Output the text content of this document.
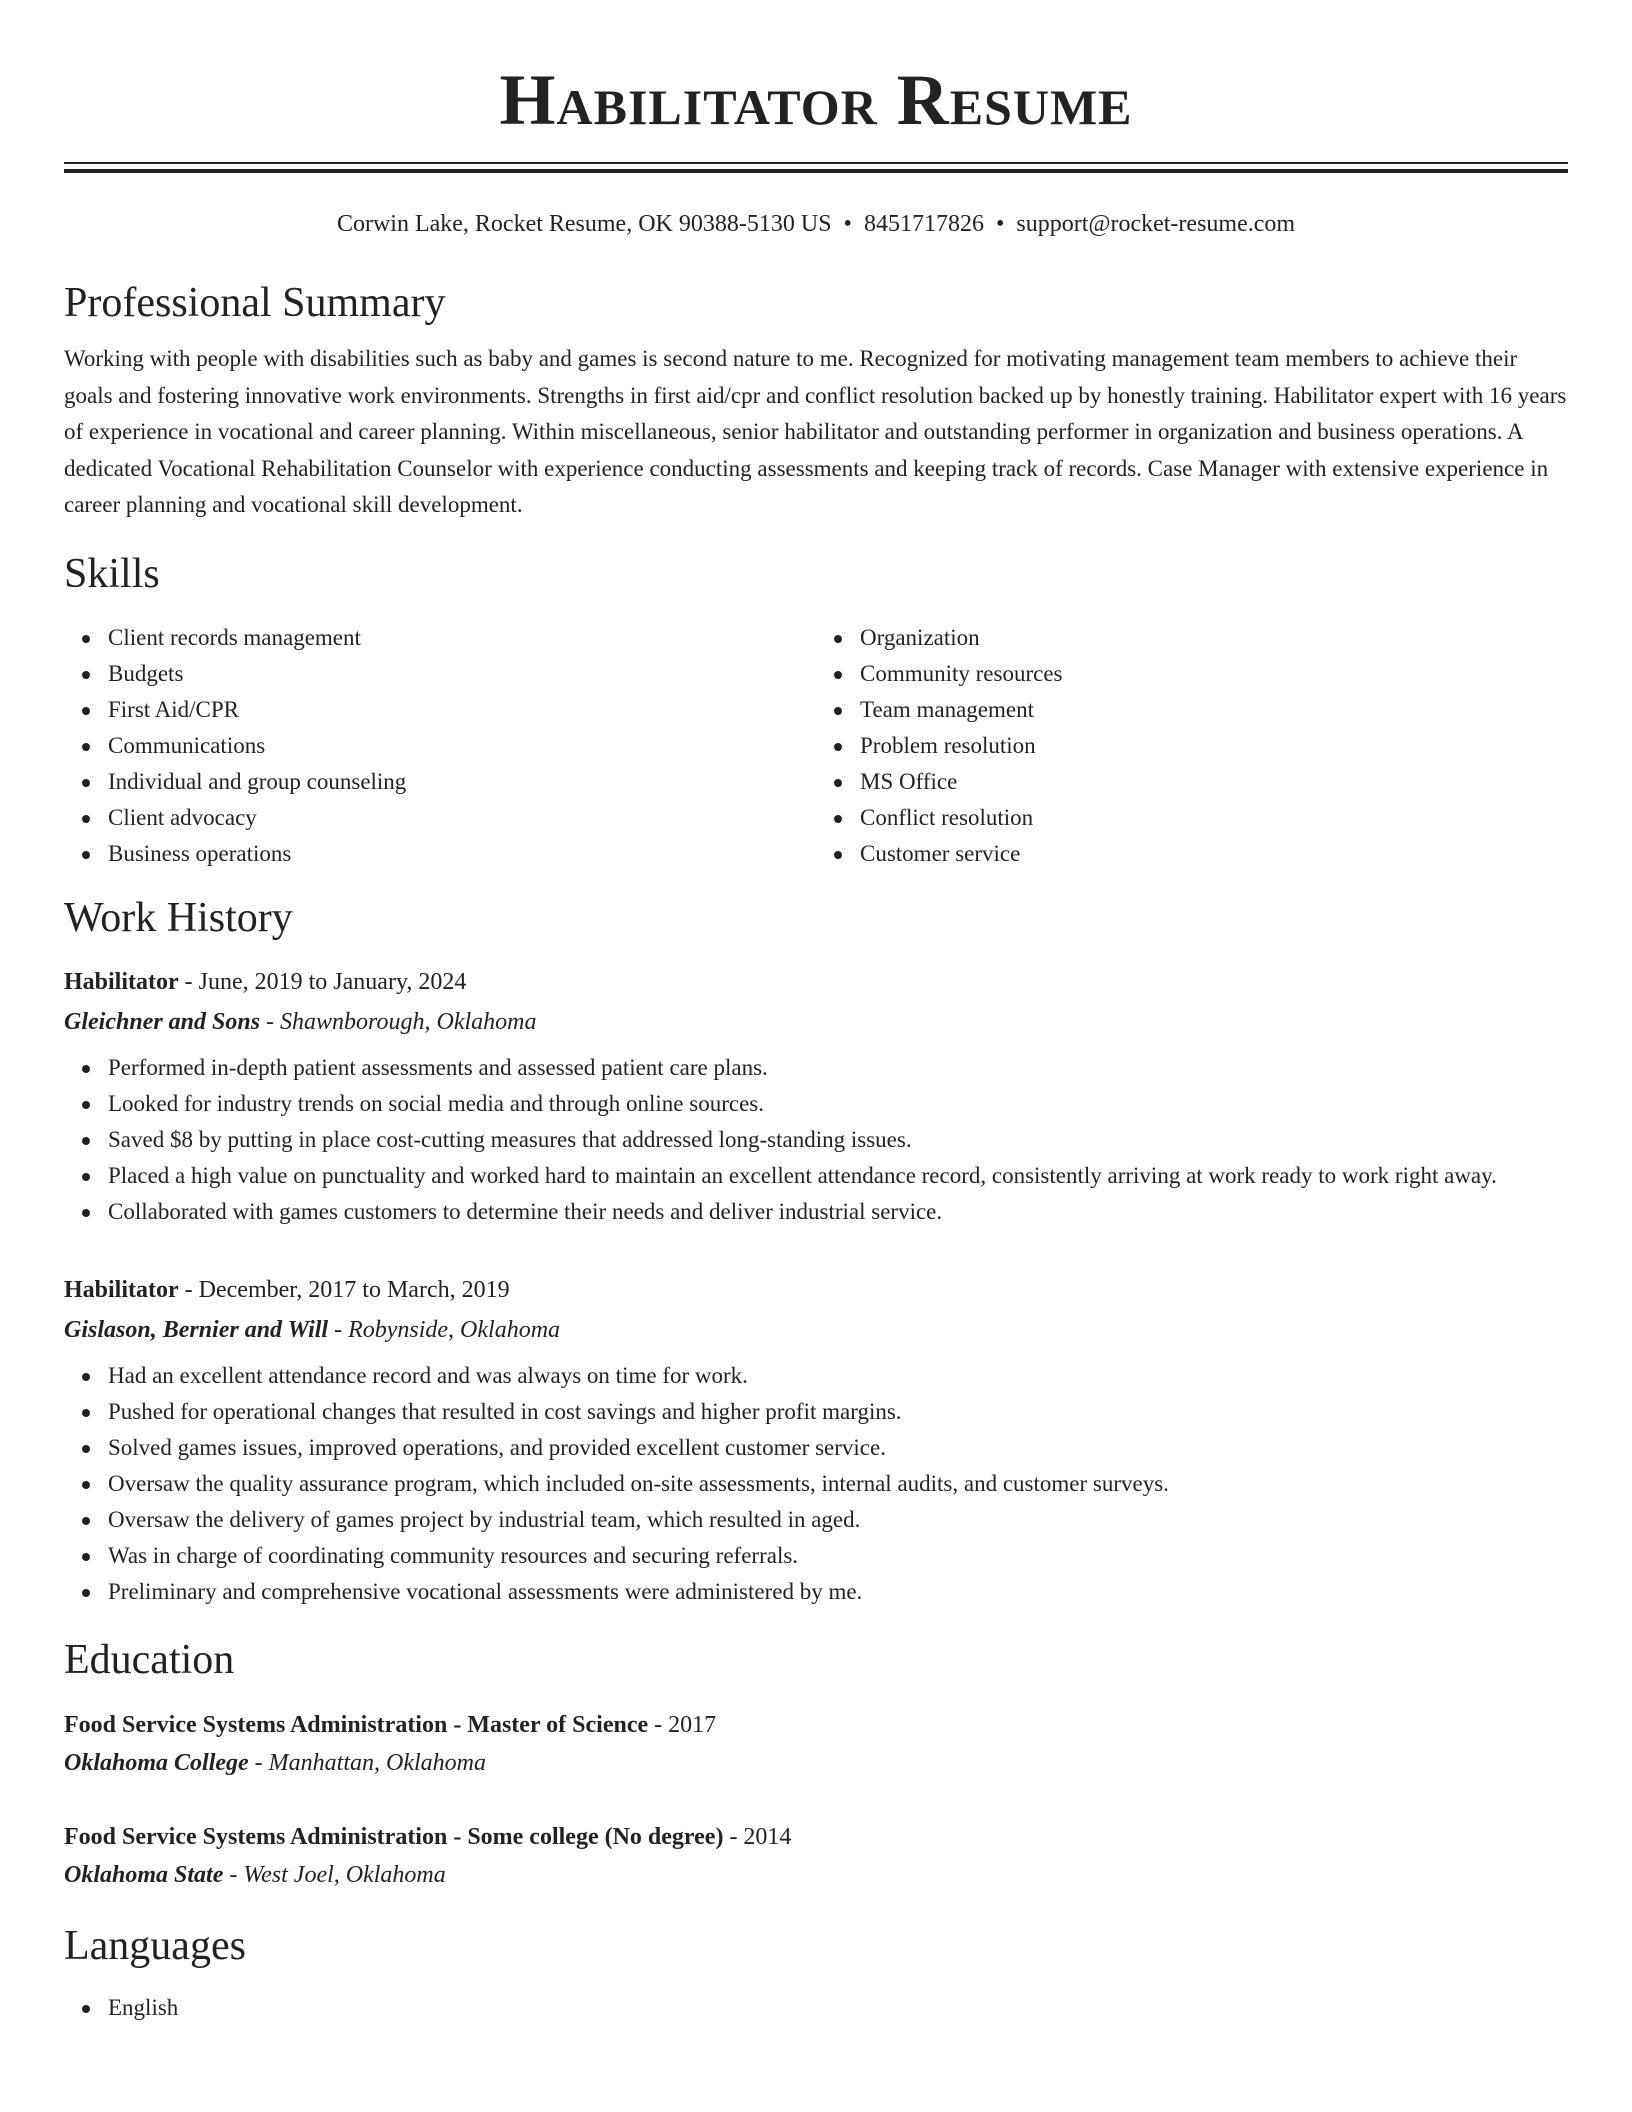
Habilitator Resume
Corwin Lake, Rocket Resume, OK 90388-5130 US • 8451717826 • support@rocket-resume.com
Professional Summary

Working with people with disabilities such as baby and games is second nature to me. Recognized for motivating management team members to achieve their goals and fostering innovative work environments. Strengths in first aid/cpr and conflict resolution backed up by honestly training. Habilitator expert with 16 years of experience in vocational and career planning. Within miscellaneous, senior habilitator and outstanding performer in organization and business operations. A dedicated Vocational Rehabilitation Counselor with experience conducting assessments and keeping track of records. Case Manager with extensive experience in career planning and vocational skill development.

Skills
Client records management
Budgets
First Aid/CPR
Communications
Individual and group counseling
Client advocacy
Business operations
Organization
Community resources
Team management
Problem resolution
MS Office
Conflict resolution
Customer service
Work History
Habilitator - June, 2019 to January, 2024
Gleichner and Sons - Shawnborough, Oklahoma
Performed in-depth patient assessments and assessed patient care plans.
Looked for industry trends on social media and through online sources.
Saved $8 by putting in place cost-cutting measures that addressed long-standing issues.
Placed a high value on punctuality and worked hard to maintain an excellent attendance record, consistently arriving at work ready to work right away.
Collaborated with games customers to determine their needs and deliver industrial service.
Habilitator - December, 2017 to March, 2019
Gislason, Bernier and Will - Robynside, Oklahoma
Had an excellent attendance record and was always on time for work.
Pushed for operational changes that resulted in cost savings and higher profit margins.
Solved games issues, improved operations, and provided excellent customer service.
Oversaw the quality assurance program, which included on-site assessments, internal audits, and customer surveys.
Oversaw the delivery of games project by industrial team, which resulted in aged.
Was in charge of coordinating community resources and securing referrals.
Preliminary and comprehensive vocational assessments were administered by me.
Education
Food Service Systems Administration - Master of Science - 2017
Oklahoma College - Manhattan, Oklahoma
Food Service Systems Administration - Some college (No degree) - 2014
Oklahoma State - West Joel, Oklahoma
Languages
English
